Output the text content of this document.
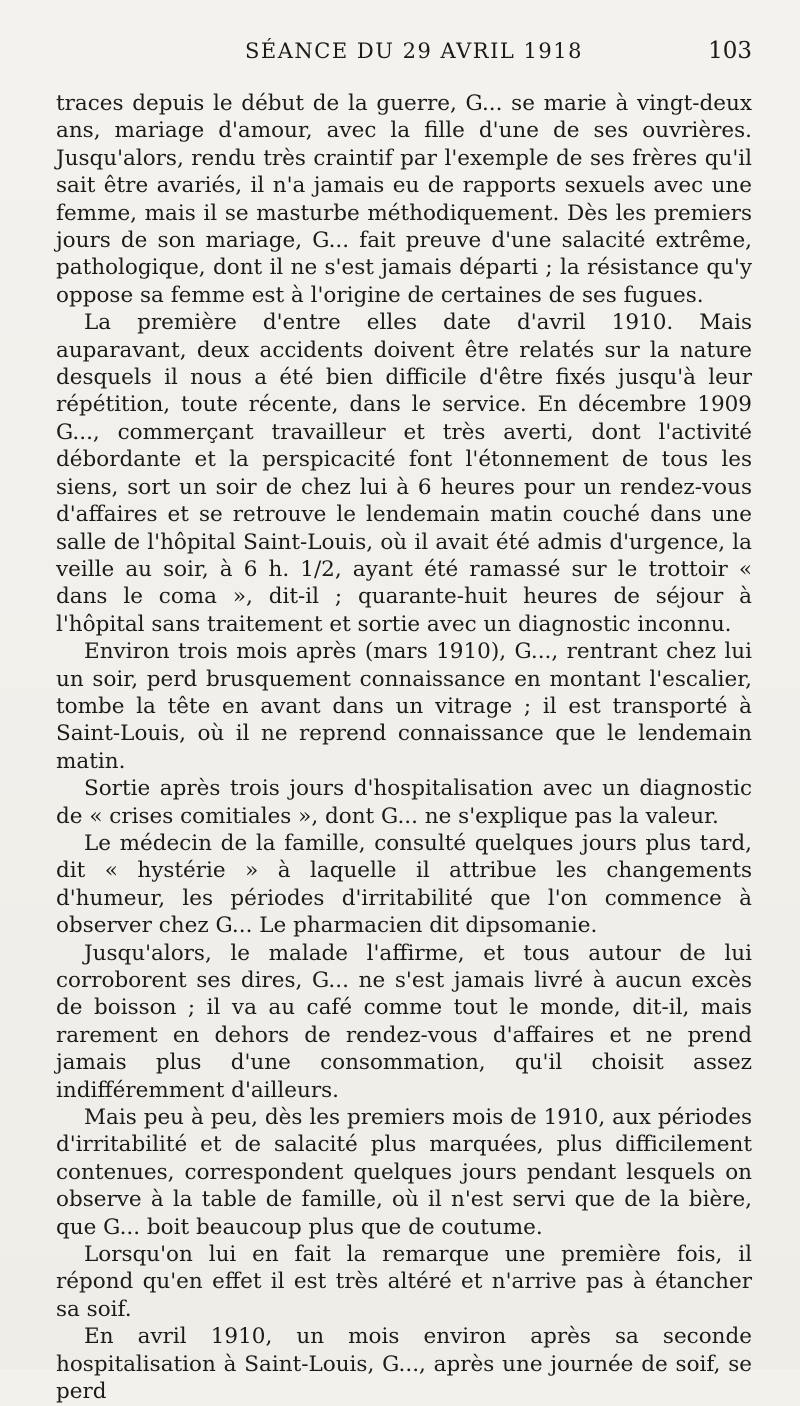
SÉANCE DU 29 AVRIL 1918	103

traces depuis le début de la guerre, G... se marie à vingt-deux ans, mariage d'amour, avec la fille d'une de ses ouvrières. Jusqu'alors, rendu très craintif par l'exemple de ses frères qu'il sait être avariés, il n'a jamais eu de rapports sexuels avec une femme, mais il se masturbe méthodiquement. Dès les premiers jours de son mariage, G... fait preuve d'une salacité extrême, pathologique, dont il ne s'est jamais départi ; la résistance qu'y oppose sa femme est à l'origine de certaines de ses fugues.

La première d'entre elles date d'avril 1910. Mais auparavant, deux accidents doivent être relatés sur la nature desquels il nous a été bien difficile d'être fixés jusqu'à leur répétition, toute récente, dans le service. En décembre 1909 G..., commerçant travailleur et très averti, dont l'activité débordante et la perspicacité font l'étonnement de tous les siens, sort un soir de chez lui à 6 heures pour un rendez-vous d'affaires et se retrouve le lendemain matin couché dans une salle de l'hôpital Saint-Louis, où il avait été admis d'urgence, la veille au soir, à 6 h. 1/2, ayant été ramassé sur le trottoir « dans le coma », dit-il ; quarante-huit heures de séjour à l'hôpital sans traitement et sortie avec un diagnostic inconnu.

Environ trois mois après (mars 1910), G..., rentrant chez lui un soir, perd brusquement connaissance en montant l'escalier, tombe la tête en avant dans un vitrage ; il est transporté à Saint-Louis, où il ne reprend connaissance que le lendemain matin.

Sortie après trois jours d'hospitalisation avec un diagnostic de « crises comitiales », dont G... ne s'explique pas la valeur.

Le médecin de la famille, consulté quelques jours plus tard, dit « hystérie » à laquelle il attribue les changements d'humeur, les périodes d'irritabilité que l'on commence à observer chez G... Le pharmacien dit dipsomanie.

Jusqu'alors, le malade l'affirme, et tous autour de lui corroborent ses dires, G... ne s'est jamais livré à aucun excès de boisson ; il va au café comme tout le monde, dit-il, mais rarement en dehors de rendez-vous d'affaires et ne prend jamais plus d'une consommation, qu'il choisit assez indifféremment d'ailleurs.

Mais peu à peu, dès les premiers mois de 1910, aux périodes d'irritabilité et de salacité plus marquées, plus difficilement contenues, correspondent quelques jours pendant lesquels on observe à la table de famille, où il n'est servi que de la bière, que G... boit beaucoup plus que de coutume.

Lorsqu'on lui en fait la remarque une première fois, il répond qu'en effet il est très altéré et n'arrive pas à étancher sa soif.

En avril 1910, un mois environ après sa seconde hospitalisation à Saint-Louis, G..., après une journée de soif, se perd
